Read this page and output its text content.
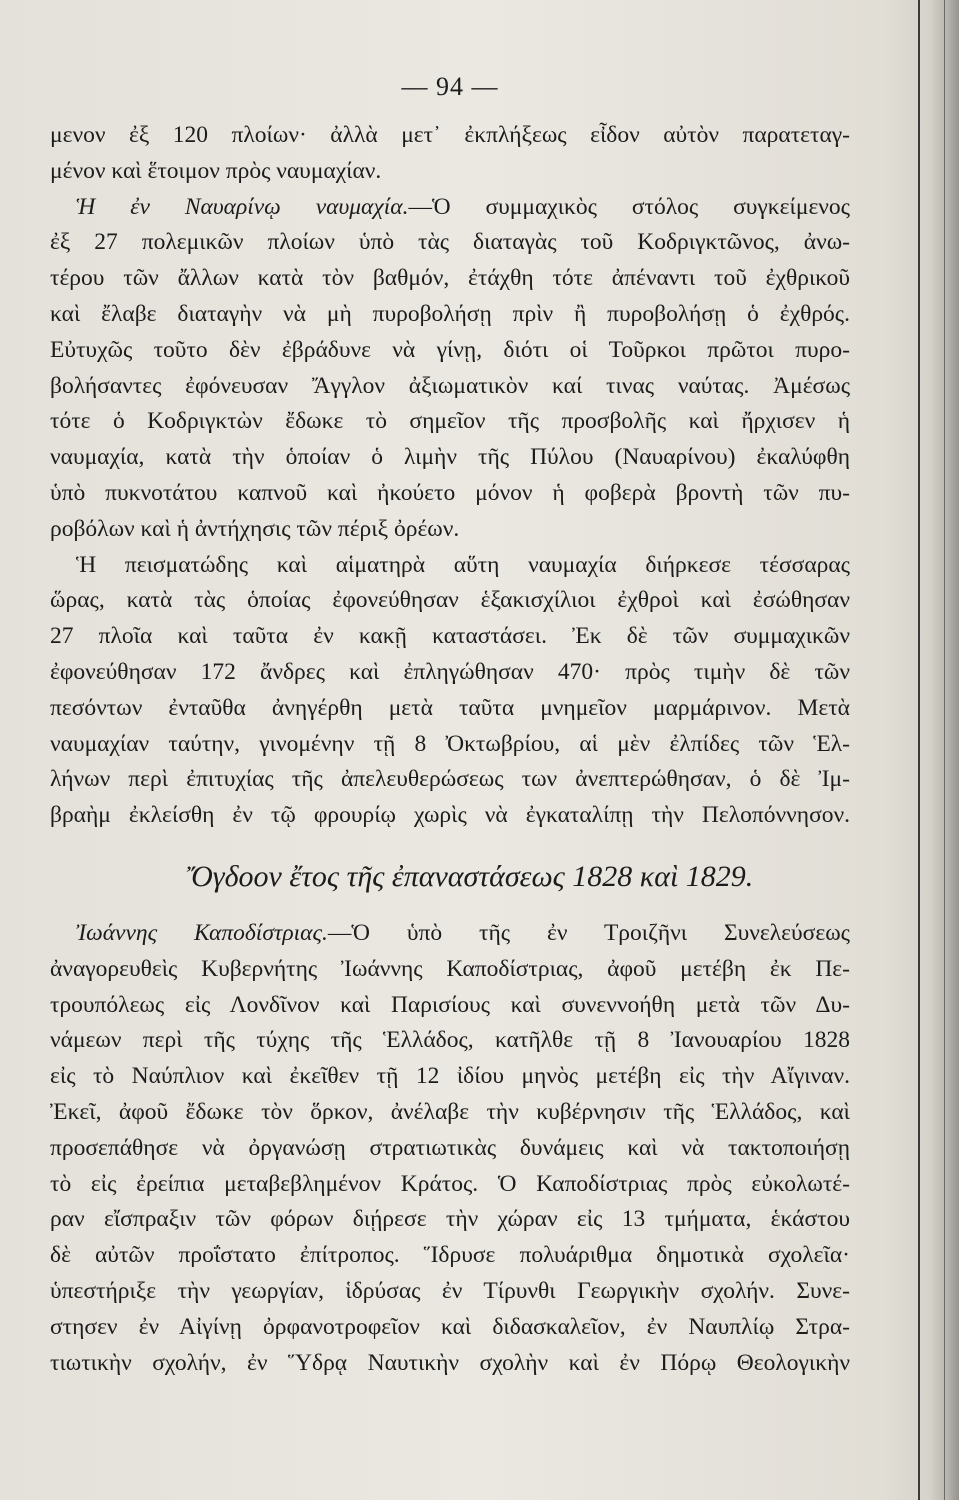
— 94 —
μενον ἐξ 120 πλοίων· ἀλλὰ μετ᾽ ἐκπλήξεως εἶδον αὐτὸν παρατεταγ-
μένον καὶ ἕτοιμον πρὸς ναυμαχίαν.
Ἡ ἐν Ναυαρίνῳ ναυμαχία.—Ὁ συμμαχικὸς στόλος συγκείμενος
ἐξ 27 πολεμικῶν πλοίων ὑπὸ τὰς διαταγὰς τοῦ Κοδριγκτῶνος, ἀνω-
τέρου τῶν ἄλλων κατὰ τὸν βαθμόν, ἐτάχθη τότε ἀπέναντι τοῦ ἐχθρικοῦ
καὶ ἔλαβε διαταγὴν νὰ μὴ πυροβολήσῃ πρὶν ἢ πυροβολήσῃ ὁ ἐχθρός.
Εὐτυχῶς τοῦτο δὲν ἐβράδυνε νὰ γίνῃ, διότι οἱ Τοῦρκοι πρῶτοι πυρο-
βολήσαντες ἐφόνευσαν Ἄγγλον ἀξιωματικὸν καί τινας ναύτας. Ἀμέσως
τότε ὁ Κοδριγκτὼν ἔδωκε τὸ σημεῖον τῆς προσβολῆς καὶ ἤρχισεν ἡ
ναυμαχία, κατὰ τὴν ὁποίαν ὁ λιμὴν τῆς Πύλου (Ναυαρίνου) ἐκαλύφθη
ὑπὸ πυκνοτάτου καπνοῦ καὶ ἠκούετο μόνον ἡ φοβερὰ βροντὴ τῶν πυ-
ροβόλων καὶ ἡ ἀντήχησις τῶν πέριξ ὀρέων.
Ἡ πεισματώδης καὶ αἱματηρὰ αὕτη ναυμαχία διήρκεσε τέσσαρας
ὥρας, κατὰ τὰς ὁποίας ἐφονεύθησαν ἑξακισχίλιοι ἐχθροὶ καὶ ἐσώθησαν
27 πλοῖα καὶ ταῦτα ἐν κακῇ καταστάσει. Ἐκ δὲ τῶν συμμαχικῶν
ἐφονεύθησαν 172 ἄνδρες καὶ ἐπληγώθησαν 470· πρὸς τιμὴν δὲ τῶν
πεσόντων ἐνταῦθα ἀνηγέρθη μετὰ ταῦτα μνημεῖον μαρμάρινον. Μετὰ
ναυμαχίαν ταύτην, γινομένην τῇ 8 Ὀκτωβρίου, αἱ μὲν ἐλπίδες τῶν Ἑλ-
λήνων περὶ ἐπιτυχίας τῆς ἀπελευθερώσεως των ἀνεπτερώθησαν, ὁ δὲ Ἰμ-
βραὴμ ἐκλείσθη ἐν τῷ φρουρίῳ χωρὶς νὰ ἐγκαταλίπῃ τὴν Πελοπόννησον.
Ὄγδοον ἔτος τῆς ἐπαναστάσεως 1828 καὶ 1829.
Ἰωάννης Καποδίστριας.—Ὁ ὑπὸ τῆς ἐν Τροιζῆνι Συνελεύσεως
ἀναγορευθεὶς Κυβερνήτης Ἰωάννης Καποδίστριας, ἀφοῦ μετέβη ἐκ Πε-
τρουπόλεως εἰς Λονδῖνον καὶ Παρισίους καὶ συνεννοήθη μετὰ τῶν Δυ-
νάμεων περὶ τῆς τύχης τῆς Ἑλλάδος, κατῆλθε τῇ 8 Ἰανουαρίου 1828
εἰς τὸ Ναύπλιον καὶ ἐκεῖθεν τῇ 12 ἰδίου μηνὸς μετέβη εἰς τὴν Αἴγιναν.
Ἐκεῖ, ἀφοῦ ἔδωκε τὸν ὅρκον, ἀνέλαβε τὴν κυβέρνησιν τῆς Ἑλλάδος, καὶ
προσεπάθησε νὰ ὀργανώσῃ στρατιωτικὰς δυνάμεις καὶ νὰ τακτοποιήσῃ
τὸ εἰς ἐρείπια μεταβεβλημένον Κράτος. Ὁ Καποδίστριας πρὸς εὐκολωτέ-
ραν εἴσπραξιν τῶν φόρων διῄρεσε τὴν χώραν εἰς 13 τμήματα, ἑκάστου
δὲ αὐτῶν προΐστατο ἐπίτροπος. Ἵδρυσε πολυάριθμα δημοτικὰ σχολεῖα·
ὑπεστήριξε τὴν γεωργίαν, ἱδρύσας ἐν Τίρυνθι Γεωργικὴν σχολήν. Συνε-
στησεν ἐν Αἰγίνῃ ὀρφανοτροφεῖον καὶ διδασκαλεῖον, ἐν Ναυπλίῳ Στρα-
τιωτικὴν σχολήν, ἐν Ὕδρᾳ Ναυτικὴν σχολὴν καὶ ἐν Πόρῳ Θεολογικὴν
